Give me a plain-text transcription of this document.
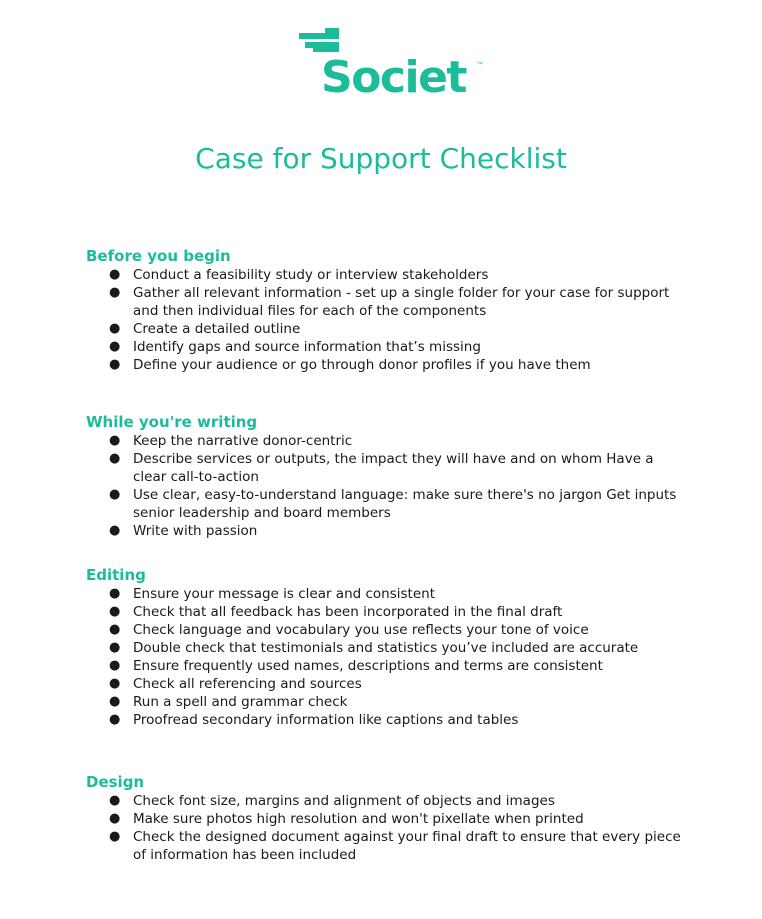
Societ ™
Case for Support Checklist
Before you begin
● Conduct a feasibility study or interview stakeholders
● Gather all relevant information - set up a single folder for your case for support and then individual files for each of the components
● Create a detailed outline
● Identify gaps and source information that’s missing
● Define your audience or go through donor profiles if you have them
While you're writing
● Keep the narrative donor-centric
● Describe services or outputs, the impact they will have and on whom Have a clear call-to-action
● Use clear, easy-to-understand language: make sure there's no jargon Get inputs senior leadership and board members
● Write with passion
Editing
● Ensure your message is clear and consistent
● Check that all feedback has been incorporated in the final draft
● Check language and vocabulary you use reflects your tone of voice
● Double check that testimonials and statistics you’ve included are accurate
● Ensure frequently used names, descriptions and terms are consistent
● Check all referencing and sources
● Run a spell and grammar check
● Proofread secondary information like captions and tables
Design
● Check font size, margins and alignment of objects and images
● Make sure photos high resolution and won't pixellate when printed
● Check the designed document against your final draft to ensure that every piece of information has been included
